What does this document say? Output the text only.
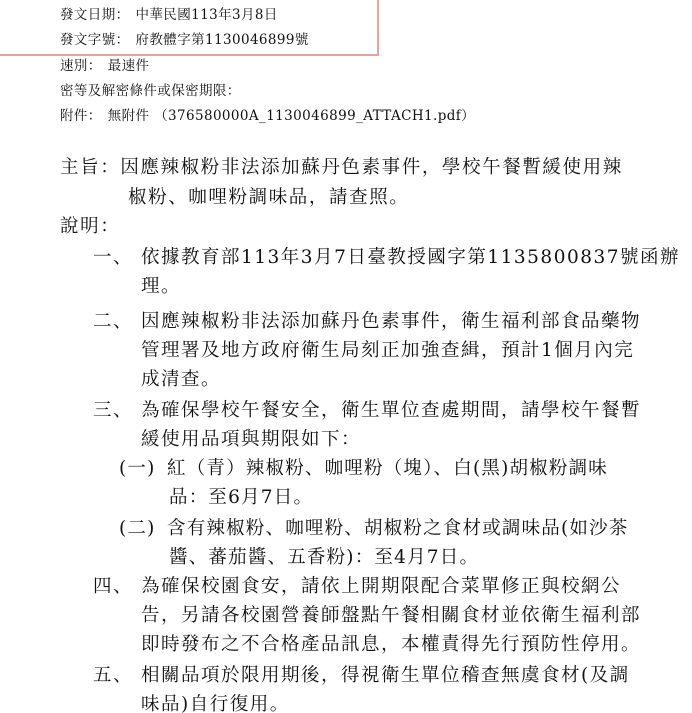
發文日期： 中華民國113年3月8日
發文字號： 府教體字第1130046899號
速別： 最速件
密等及解密條件或保密期限：
附件： 無附件 （376580000A_1130046899_ATTACH1.pdf）
主旨：因應辣椒粉非法添加蘇丹色素事件，學校午餐暫緩使用辣
椒粉、咖哩粉調味品，請查照。
說明：
一、 依據教育部113年3月7日臺教授國字第1135800837號函辦
理。
二、 因應辣椒粉非法添加蘇丹色素事件，衛生福利部食品藥物
管理署及地方政府衛生局刻正加強查緝，預計1個月內完
成清查。
三、 為確保學校午餐安全，衛生單位查處期間，請學校午餐暫
緩使用品項與期限如下：
(一) 紅（青）辣椒粉、咖哩粉（塊）、白(黑)胡椒粉調味
品：至6月7日。
(二) 含有辣椒粉、咖哩粉、胡椒粉之食材或調味品(如沙茶
醬、蕃茄醬、五香粉)：至4月7日。
四、 為確保校園食安，請依上開期限配合菜單修正與校網公
告，另請各校園營養師盤點午餐相關食材並依衛生福利部
即時發布之不合格產品訊息，本權責得先行預防性停用。
五、 相關品項於限用期後，得視衛生單位稽查無虞食材(及調
味品)自行復用。
